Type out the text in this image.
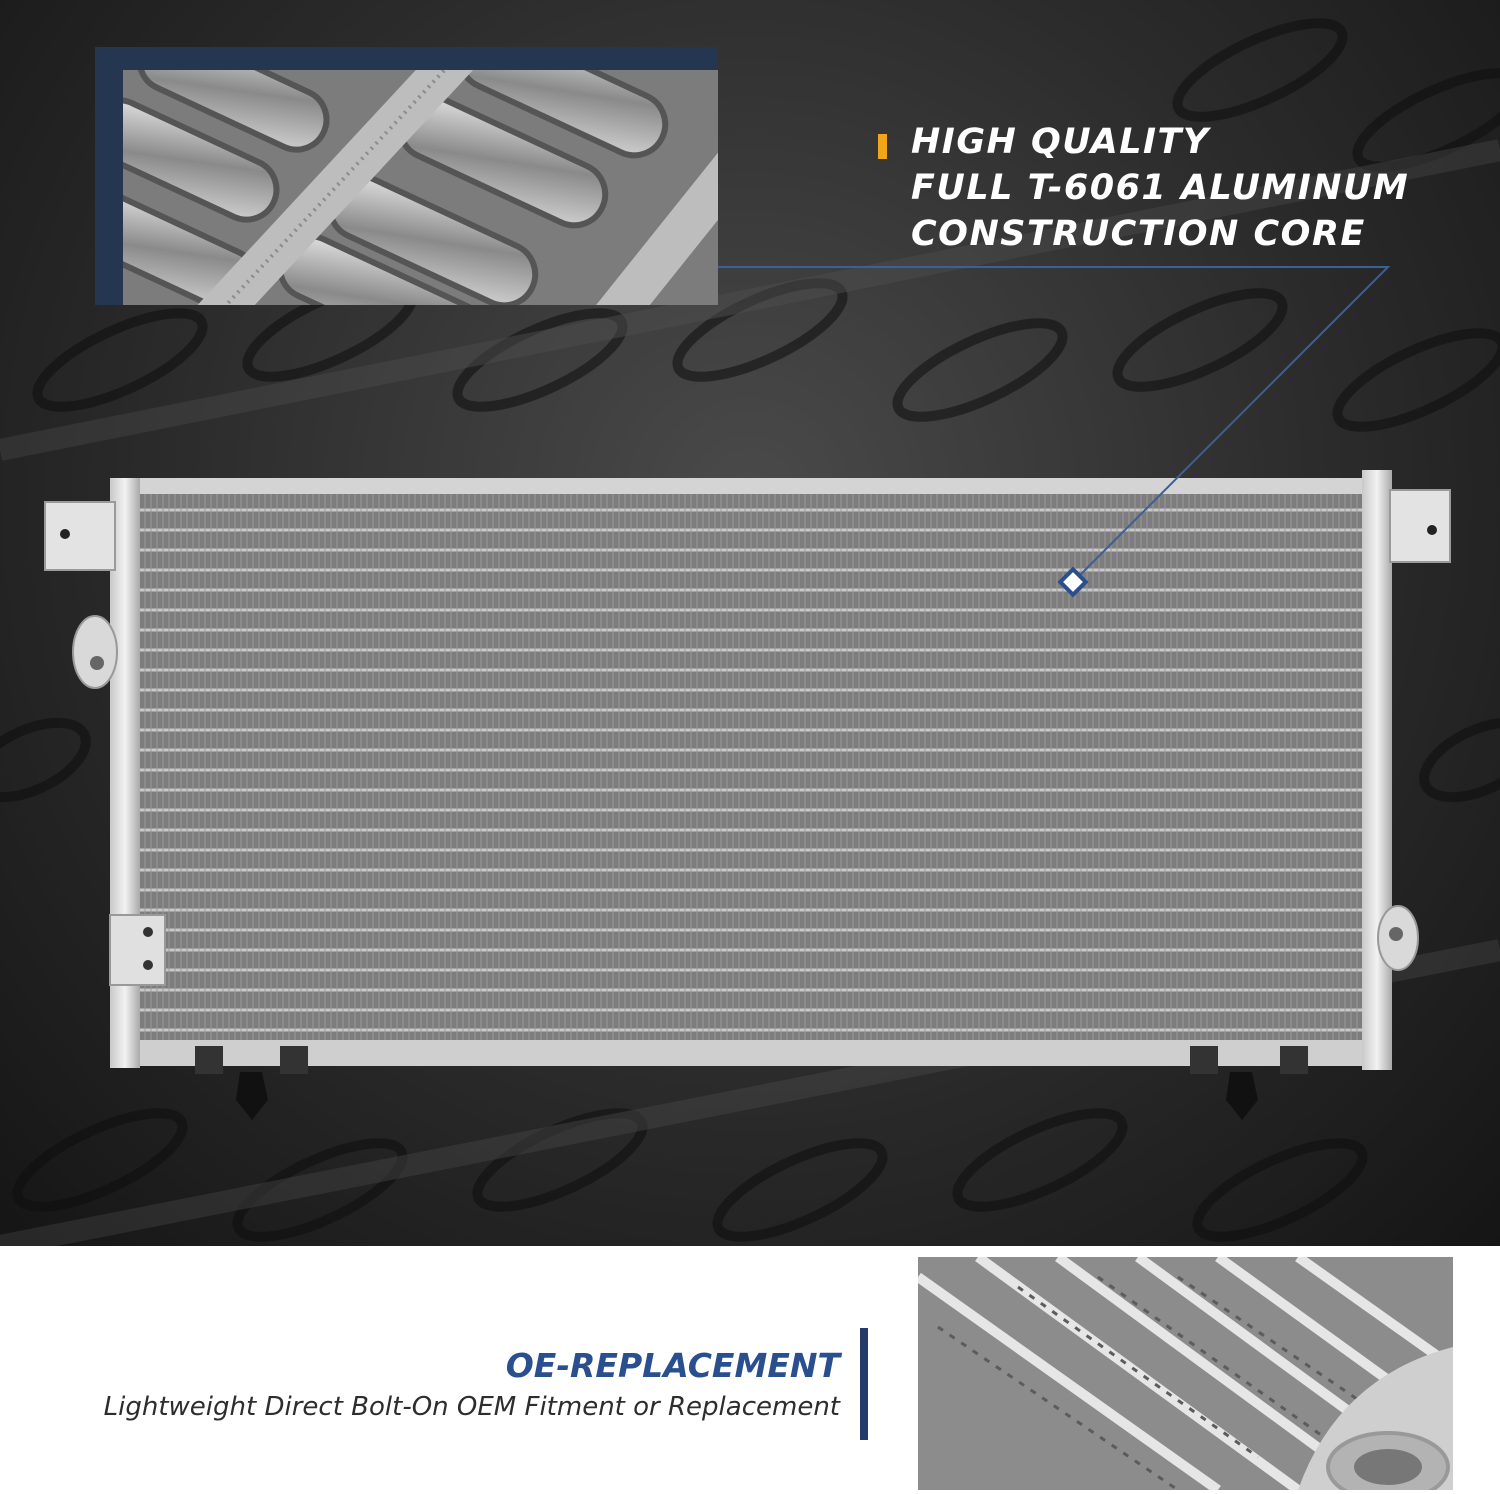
HIGH QUALITY
FULL T-6061 ALUMINUM
CONSTRUCTION CORE
OE-REPLACEMENT
Lightweight Direct Bolt-On OEM Fitment or Replacement
